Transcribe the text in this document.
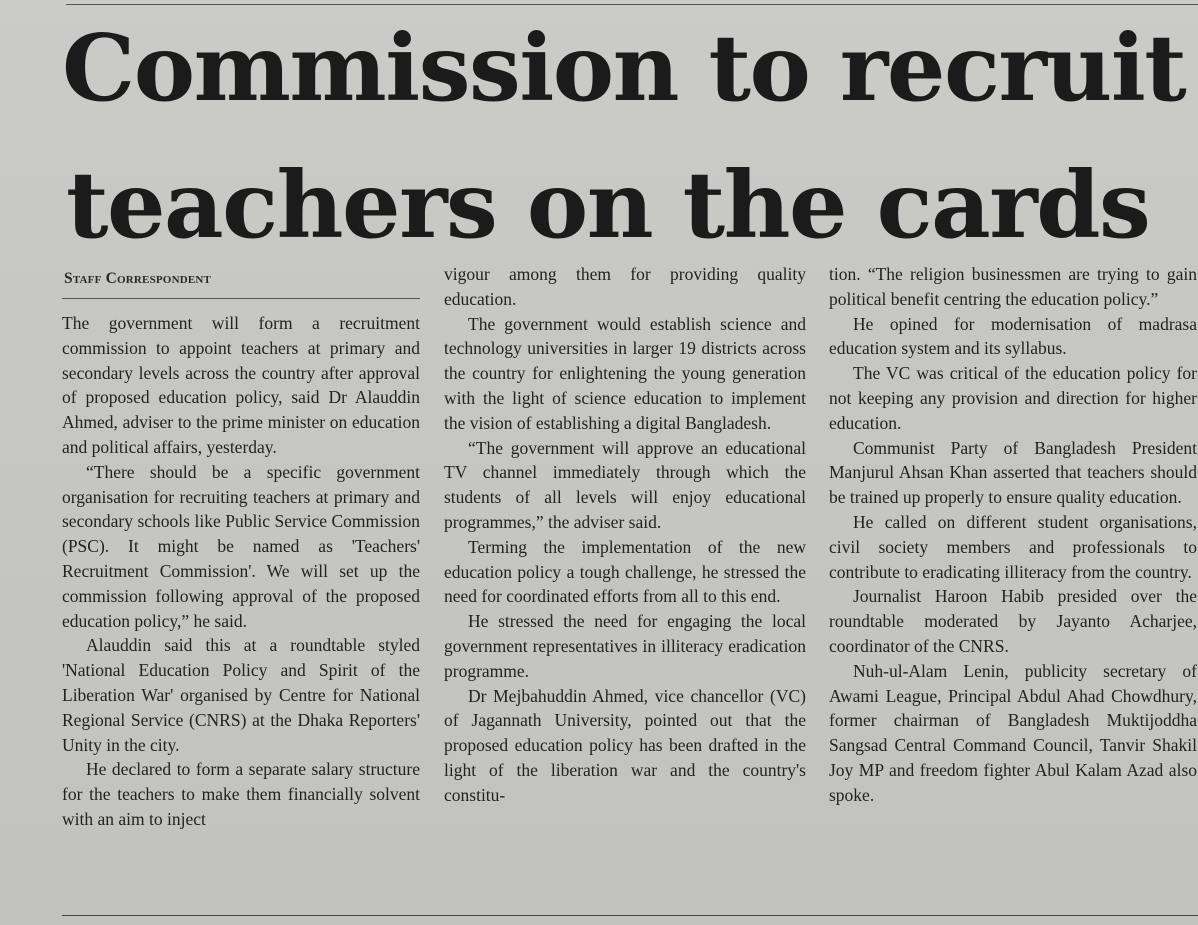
Commission to recruit
teachers on the cards
Staff Correspondent

The government will form a recruitment commission to appoint teachers at primary and secondary levels across the country after approval of proposed education policy, said Dr Alauddin Ahmed, adviser to the prime minister on education and political affairs, yesterday.

“There should be a specific government organisation for recruiting teachers at primary and secondary schools like Public Service Commission (PSC). It might be named as 'Teachers' Recruitment Commission'. We will set up the commission following approval of the proposed education policy,” he said.

Alauddin said this at a roundtable styled 'National Education Policy and Spirit of the Liberation War' organised by Centre for National Regional Service (CNRS) at the Dhaka Reporters' Unity in the city.

He declared to form a separate salary structure for the teachers to make them financially solvent with an aim to inject

vigour among them for providing quality education.

The government would establish science and technology universities in larger 19 districts across the country for enlightening the young generation with the light of science education to implement the vision of establishing a digital Bangladesh.

“The government will approve an educational TV channel immediately through which the students of all levels will enjoy educational programmes,” the adviser said.

Terming the implementation of the new education policy a tough challenge, he stressed the need for coordinated efforts from all to this end.

He stressed the need for engaging the local government representatives in illiteracy eradication programme.

Dr Mejbahuddin Ahmed, vice chancellor (VC) of Jagannath University, pointed out that the proposed education policy has been drafted in the light of the liberation war and the country's constitu-

tion. “The religion businessmen are trying to gain political benefit centring the education policy.”

He opined for modernisation of madrasa education system and its syllabus.

The VC was critical of the education policy for not keeping any provision and direction for higher education.

Communist Party of Bangladesh President Manjurul Ahsan Khan asserted that teachers should be trained up properly to ensure quality education.

He called on different student organisations, civil society members and professionals to contribute to eradicating illiteracy from the country.

Journalist Haroon Habib presided over the roundtable moderated by Jayanto Acharjee, coordinator of the CNRS.

Nuh-ul-Alam Lenin, publicity secretary of Awami League, Principal Abdul Ahad Chowdhury, former chairman of Bangladesh Muktijoddha Sangsad Central Command Council, Tanvir Shakil Joy MP and freedom fighter Abul Kalam Azad also spoke.
